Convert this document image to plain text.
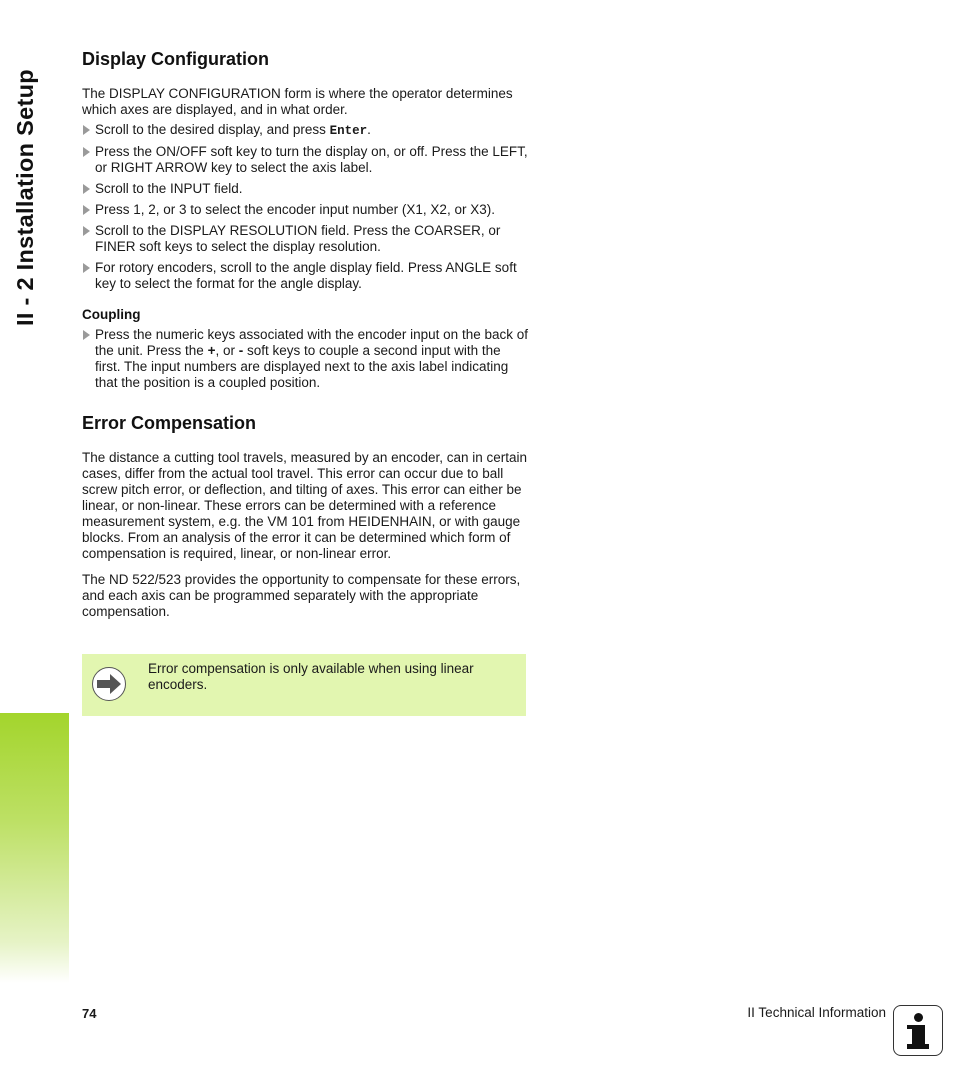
II - 2 Installation Setup
Display Configuration

The DISPLAY CONFIGURATION form is where the operator determines which axes are displayed, and in what order.

Scroll to the desired display, and press Enter.
Press the ON/OFF soft key to turn the display on, or off. Press the LEFT, or RIGHT ARROW key to select the axis label.
Scroll to the INPUT field.
Press 1, 2, or 3 to select the encoder input number (X1, X2, or X3).
Scroll to the DISPLAY RESOLUTION field. Press the COARSER, or FINER soft keys to select the display resolution.
For rotory encoders, scroll to the angle display field. Press ANGLE soft key to select the format for the angle display.
Coupling
Press the numeric keys associated with the encoder input on the back of the unit. Press the +, or - soft keys to couple a second input with the first. The input numbers are displayed next to the axis label indicating that the position is a coupled position.
Error Compensation

The distance a cutting tool travels, measured by an encoder, can in certain cases, differ from the actual tool travel. This error can occur due to ball screw pitch error, or deflection, and tilting of axes. This error can either be linear, or non-linear. These errors can be determined with a reference measurement system, e.g. the VM 101 from HEIDENHAIN, or with gauge blocks. From an analysis of the error it can be determined which form of compensation is required, linear, or non-linear error.

The ND 522/523 provides the opportunity to compensate for these errors, and each axis can be programmed separately with the appropriate compensation.

Error compensation is only available when using linear encoders.
74	II Technical Information
